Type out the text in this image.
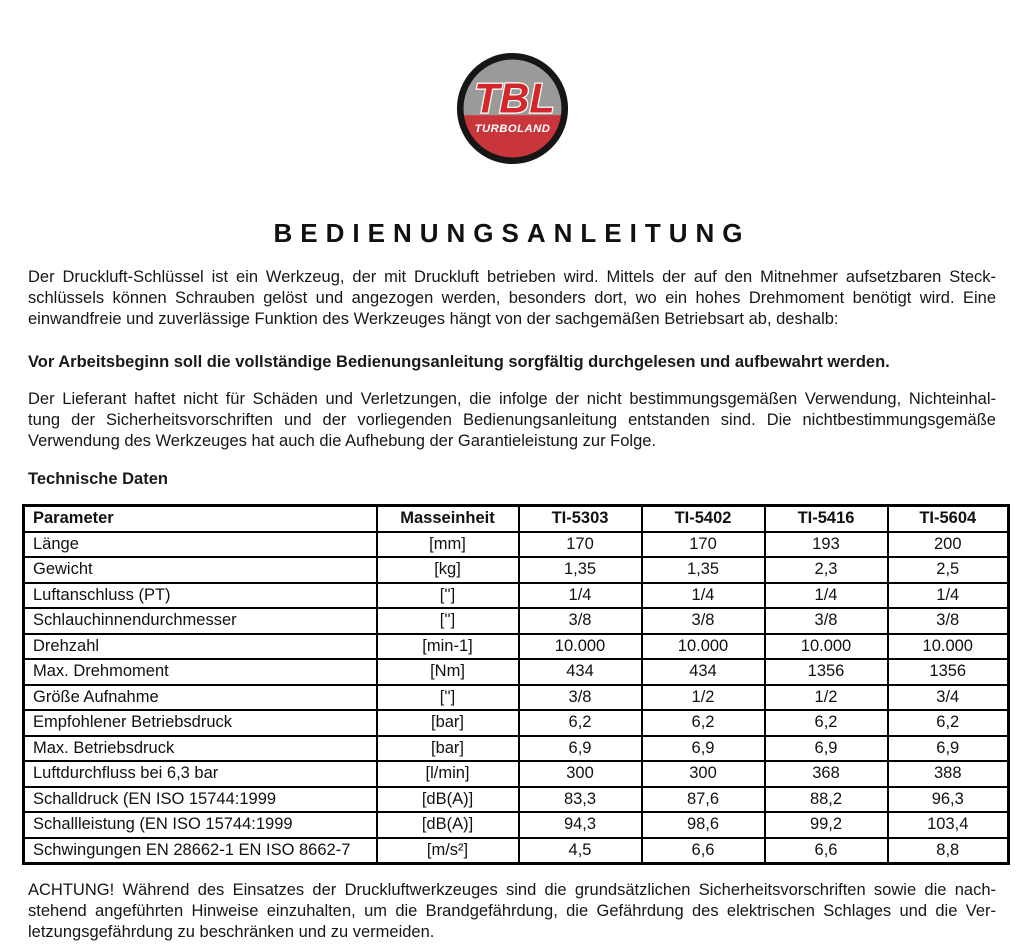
TBL
TURBOLAND
BEDIENUNGSANLEITUNG
Der Druckluft-Schlüssel ist ein Werkzeug, der mit Druckluft betrieben wird. Mittels der auf den Mitnehmer aufsetzbaren Steck-
schlüssels können Schrauben gelöst und angezogen werden, besonders dort, wo ein hohes Drehmoment benötigt wird. Eine
einwandfreie und zuverlässige Funktion des Werkzeuges hängt von der sachgemäßen Betriebsart ab, deshalb:
Vor Arbeitsbeginn soll die vollständige Bedienungsanleitung sorgfältig durchgelesen und aufbewahrt werden.
Der Lieferant haftet nicht für Schäden und Verletzungen, die infolge der nicht bestimmungsgemäßen Verwendung, Nichteinhal-
tung der Sicherheitsvorschriften und der vorliegenden Bedienungsanleitung entstanden sind. Die nichtbestimmungsgemäße
Verwendung des Werkzeuges hat auch die Aufhebung der Garantieleistung zur Folge.
Technische Daten
Parameter	Masseinheit	TI-5303	TI-5402	TI-5416	TI-5604
Länge	[mm]	170	170	193	200
Gewicht	[kg]	1,35	1,35	2,3	2,5
Luftanschluss (PT)	['']	1/4	1/4	1/4	1/4
Schlauchinnendurchmesser	['']	3/8	3/8	3/8	3/8
Drehzahl	[min-1]	10.000	10.000	10.000	10.000
Max. Drehmoment	[Nm]	434	434	1356	1356
Größe Aufnahme	['']	3/8	1/2	1/2	3/4
Empfohlener Betriebsdruck	[bar]	6,2	6,2	6,2	6,2
Max. Betriebsdruck	[bar]	6,9	6,9	6,9	6,9
Luftdurchfluss bei 6,3 bar	[l/min]	300	300	368	388
Schalldruck (EN ISO 15744:1999	[dB(A)]	83,3	87,6	88,2	96,3
Schallleistung (EN ISO 15744:1999	[dB(A)]	94,3	98,6	99,2	103,4
Schwingungen EN 28662-1 EN ISO 8662-7	[m/s²]	4,5	6,6	6,6	8,8
ACHTUNG! Während des Einsatzes der Druckluftwerkzeuges sind die grundsätzlichen Sicherheitsvorschriften sowie die nach-
stehend angeführten Hinweise einzuhalten, um die Brandgefährdung, die Gefährdung des elektrischen Schlages und die Ver-
letzungsgefährdung zu beschränken und zu vermeiden.
